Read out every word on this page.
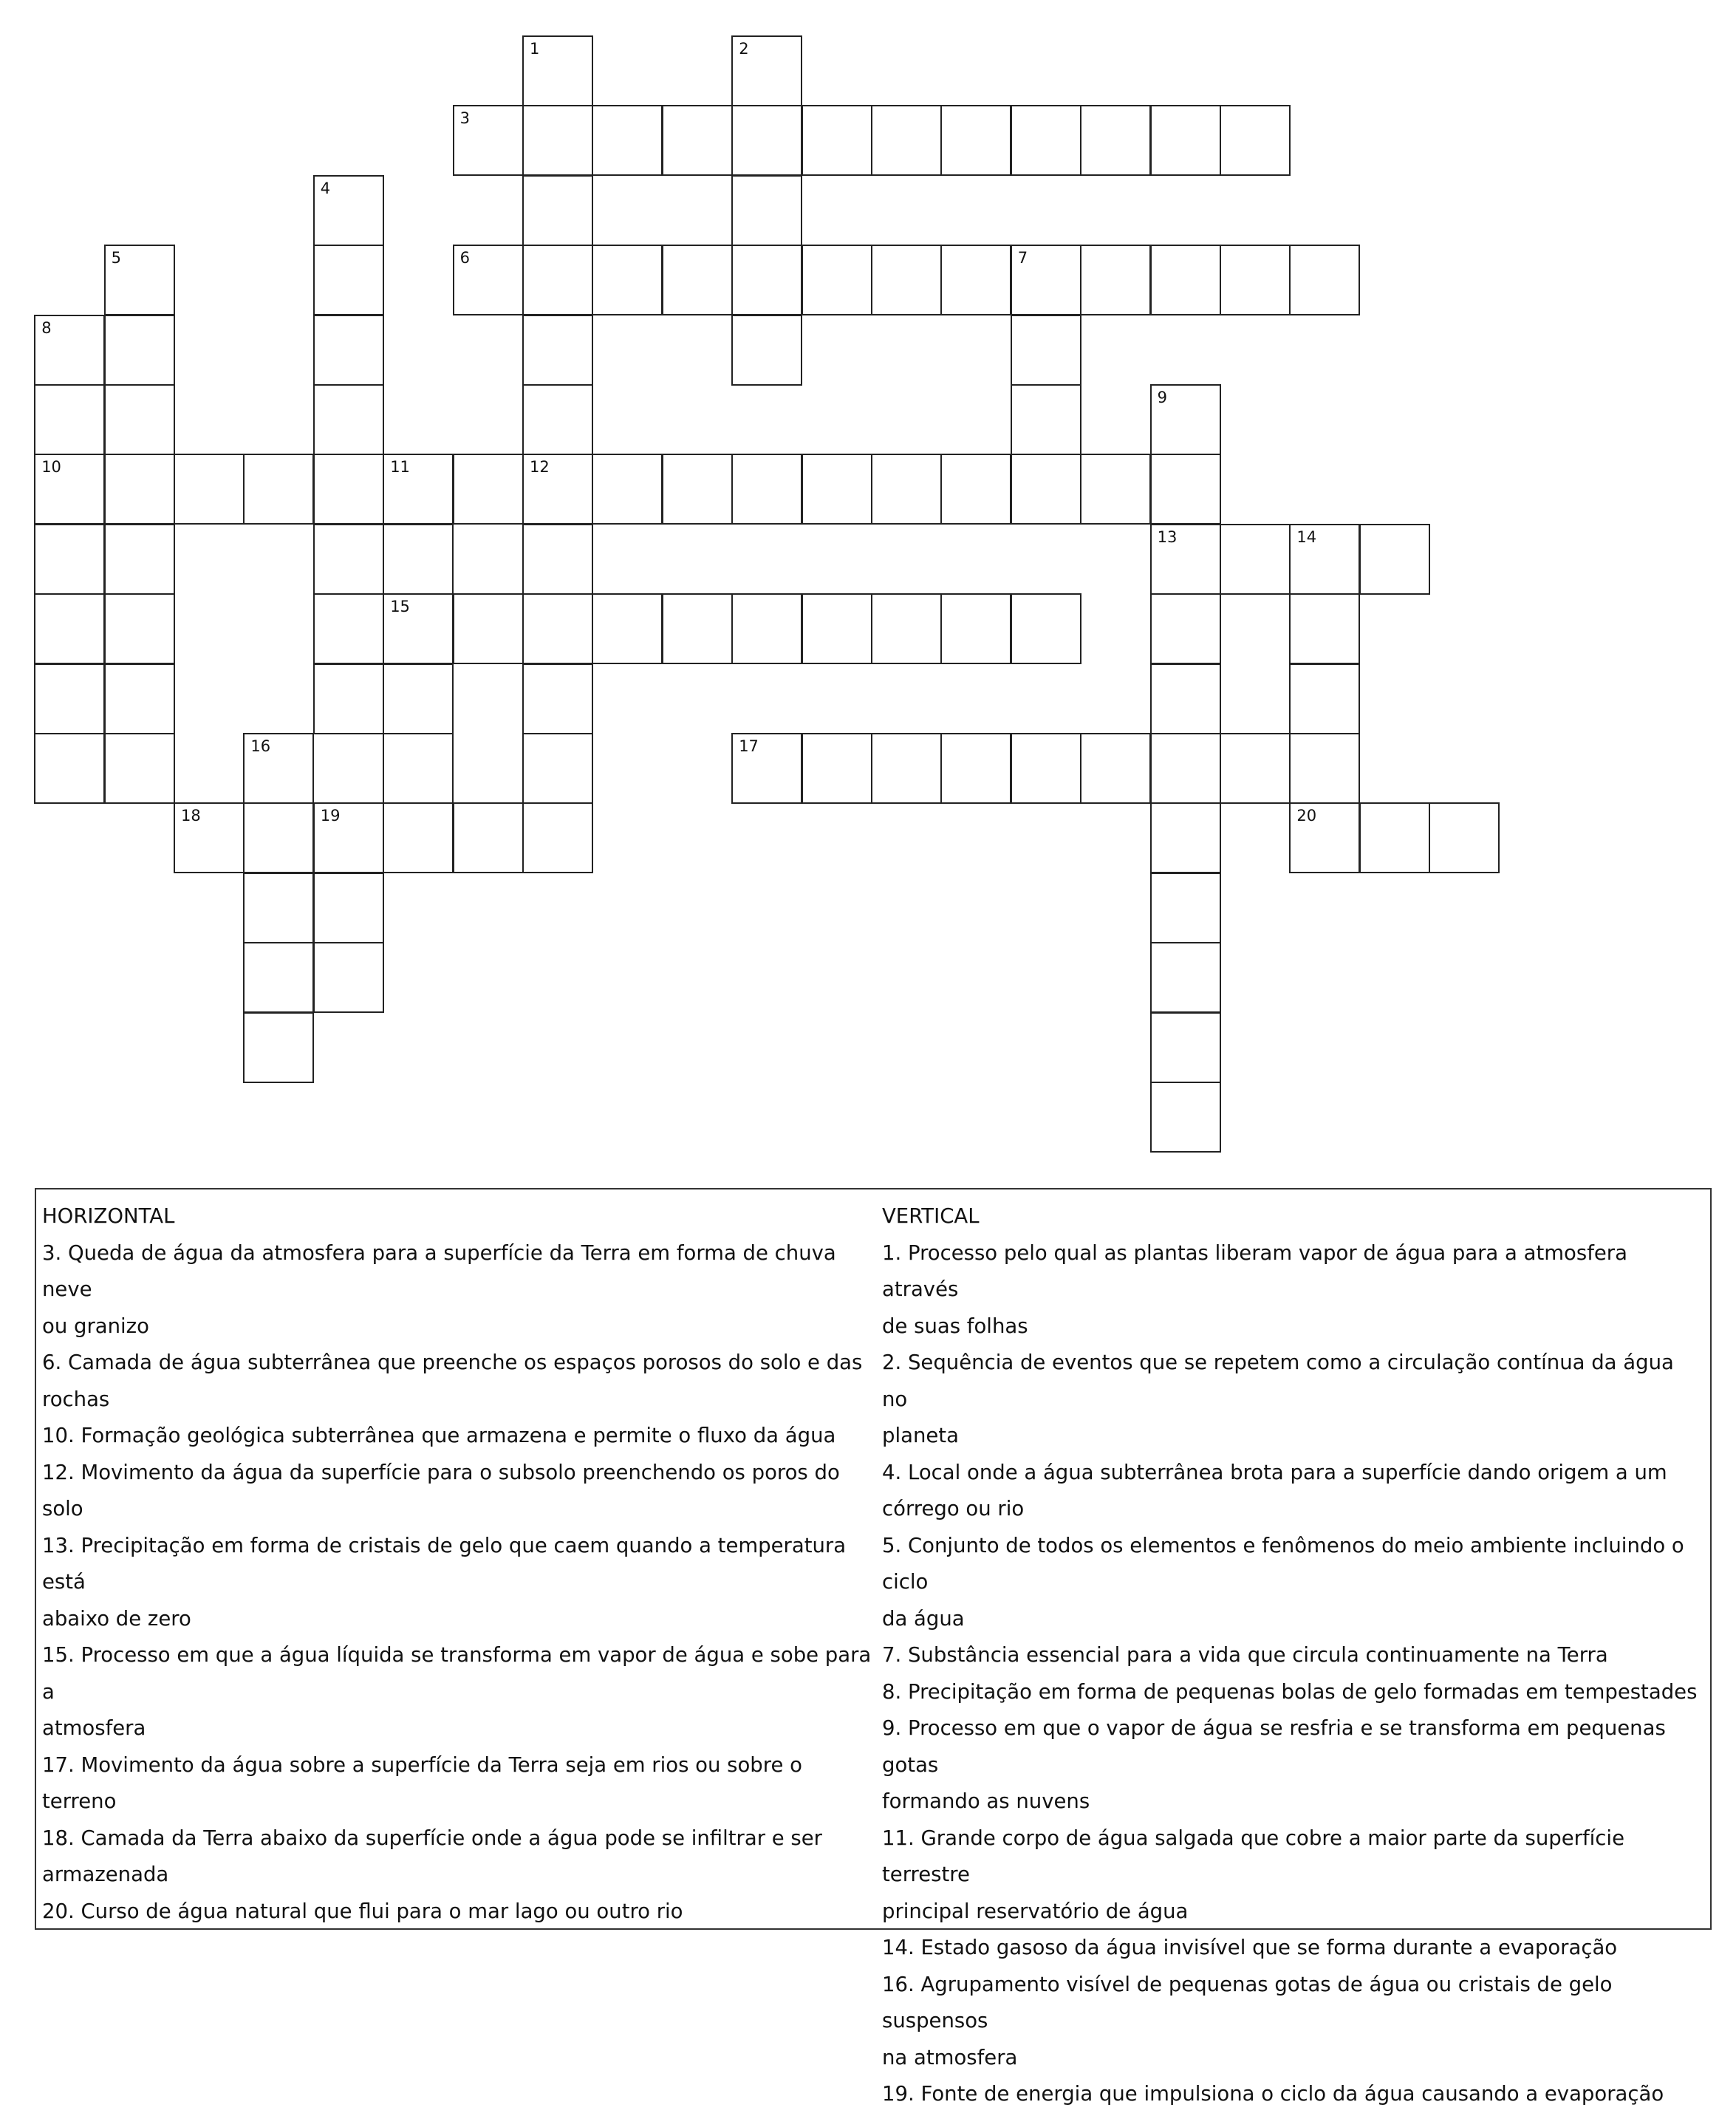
1	2
3
4
5	6	7
8
9
10	11	12
13	14
15
16	17
18	19	20

HORIZONTAL

3. Queda de água da atmosfera para a superfície da Terra em forma de chuva neve
ou granizo
6. Camada de água subterrânea que preenche os espaços porosos do solo e das
rochas
10. Formação geológica subterrânea que armazena e permite o fluxo da água
12. Movimento da água da superfície para o subsolo preenchendo os poros do solo
13. Precipitação em forma de cristais de gelo que caem quando a temperatura está
abaixo de zero
15. Processo em que a água líquida se transforma em vapor de água e sobe para a
atmosfera
17. Movimento da água sobre a superfície da Terra seja em rios ou sobre o terreno
18. Camada da Terra abaixo da superfície onde a água pode se infiltrar e ser
armazenada
20. Curso de água natural que flui para o mar lago ou outro rio

VERTICAL

1. Processo pelo qual as plantas liberam vapor de água para a atmosfera através
de suas folhas
2. Sequência de eventos que se repetem como a circulação contínua da água no
planeta
4. Local onde a água subterrânea brota para a superfície dando origem a um
córrego ou rio
5. Conjunto de todos os elementos e fenômenos do meio ambiente incluindo o ciclo
da água
7. Substância essencial para a vida que circula continuamente na Terra
8. Precipitação em forma de pequenas bolas de gelo formadas em tempestades
9. Processo em que o vapor de água se resfria e se transforma em pequenas gotas
formando as nuvens
11. Grande corpo de água salgada que cobre a maior parte da superfície terrestre
principal reservatório de água
14. Estado gasoso da água invisível que se forma durante a evaporação
16. Agrupamento visível de pequenas gotas de água ou cristais de gelo suspensos
na atmosfera
19. Fonte de energia que impulsiona o ciclo da água causando a evaporação
